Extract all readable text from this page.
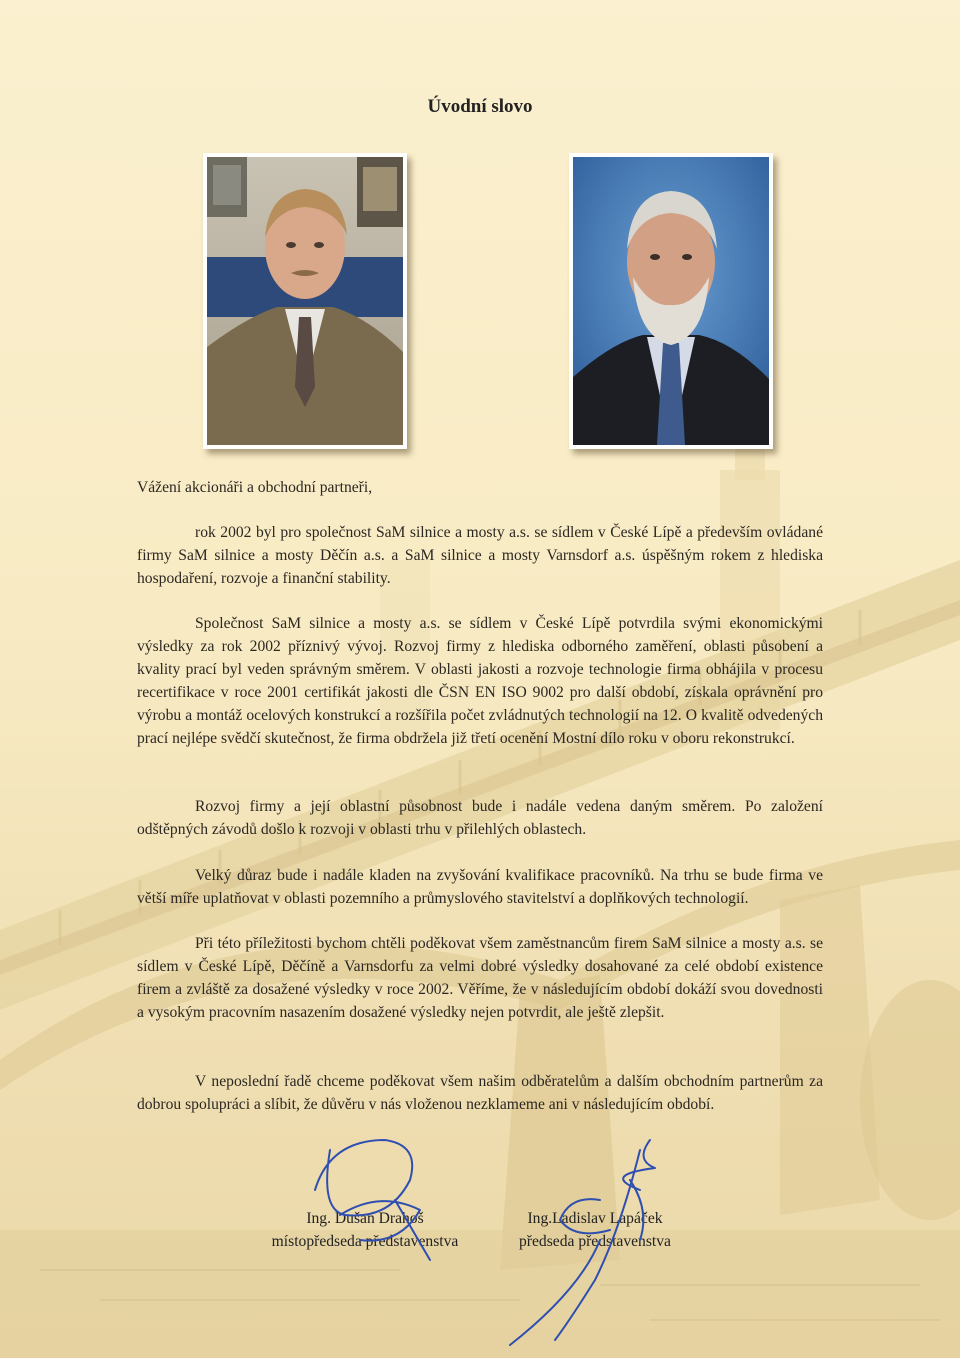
Úvodní slovo

Vážení akcionáři a obchodní partneři,

rok 2002 byl pro společnost SaM silnice a mosty a.s. se sídlem v České Lípě a především ovládané firmy SaM silnice a mosty Děčín a.s. a SaM silnice a mosty Varnsdorf a.s. úspěšným rokem z hlediska hospodaření, rozvoje a finanční stability.

Společnost SaM silnice a mosty a.s. se sídlem v České Lípě potvrdila svými ekonomickými výsledky za rok 2002 příznivý vývoj. Rozvoj firmy z hlediska odborného zaměření, oblasti působení a kvality prací byl veden správným směrem. V oblasti jakosti a rozvoje technologie firma obhájila v procesu recertifikace v roce 2001 certifikát jakosti dle ČSN EN ISO 9002 pro další období, získala oprávnění pro výrobu a montáž ocelových konstrukcí a rozšířila počet zvládnutých technologií na 12. O kvalitě odvedených prací nejlépe svědčí skutečnost, že firma obdržela již třetí ocenění Mostní dílo roku v oboru rekonstrukcí.

Rozvoj firmy a její oblastní působnost bude i nadále vedena daným směrem. Po založení odštěpných závodů došlo k rozvoji v oblasti trhu v přilehlých oblastech.

Velký důraz bude i nadále kladen na zvyšování kvalifikace pracovníků. Na trhu se bude firma ve větší míře uplatňovat v oblasti pozemního a průmyslového stavitelství a doplňkových technologií.

Při této příležitosti bychom chtěli poděkovat všem zaměstnancům firem SaM silnice a mosty a.s. se sídlem v České Lípě, Děčíně a Varnsdorfu za velmi dobré výsledky dosahované za celé období existence firem a zvláště za dosažené výsledky v roce 2002. Věříme, že v následujícím období dokáží svou dovednosti a vysokým pracovním nasazením dosažené výsledky nejen potvrdit, ale ještě zlepšit.

V neposlední řadě chceme poděkovat všem našim odběratelům a dalším obchodním partnerům za dobrou spolupráci a slíbit, že důvěru v nás vloženou nezklameme ani v následujícím období.

Ing. Dušan Drahoš
místopředseda představenstva
Ing.Ladislav Lapáček
předseda představenstva
